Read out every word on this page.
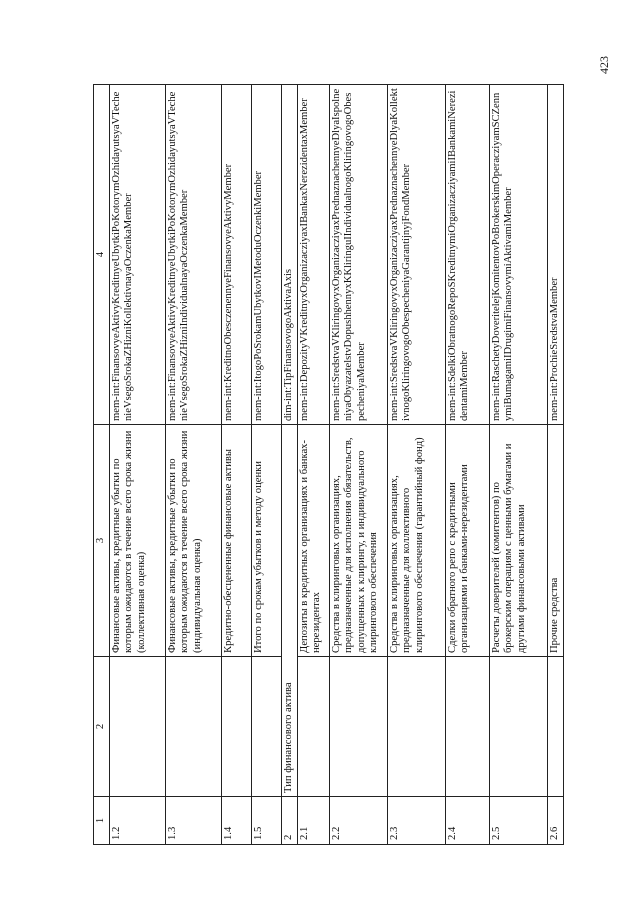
423
1	2	3	4
1.2		Финансовые активы, кредитные убытки по которым ожидаются в течение всего срока жизни (коллективная оценка)	mem-int:FinansovyeAktivyKreditnyeUbytkiPoKotorymOzhidayutsyaVTechenieVsegoSrokaZHizniKollektivnayaOczenkaMember
1.3		Финансовые активы, кредитные убытки по которым ожидаются в течение всего срока жизни (индивидуальная оценка)	mem-int:FinansovyeAktivyKreditnyeUbytkiPoKotorymOzhidayutsyaVTechenieVsegoSrokaZHizniIndividualnayaOczenkaMember
1.4		Кредитно-обесцененные финансовые активы	mem-int:KreditnoObesczenennyeFinansovyeAktivyMember
1.5		Итого по срокам убытков и методу оценки	mem-int:ItogoPoSrokamUbytkovIMetoduOczenkiMember
2	Тип финансового актива		dim-int:TipFinansovogoAktivaAxis
2.1		Депозиты в кредитных организациях и банках-нерезидентах	mem-int:DepozityVKreditnyxOrganizacziyaxIBankaxNerezidentaxMember
2.2		Средства в клиринговых организациях, предназначенные для исполнения обязательств, допущенных к клирингу, и индивидуального клирингового обеспечения	mem-int:SredstvaVKliringovyxOrganizacziyaxPrednaznachennyeDlyaIspolneniyaObyazatelstvDopushhennyxKKliringuIIndividualnogoKliringovogoObespecheniyaMember
2.3		Средства в клиринговых организациях, предназначенные для коллективного клирингового обеспечения (гарантийный фонд)	mem-int:SredstvaVKliringovyxOrganizacziyaxPrednaznachennyeDlyaKollektivnogoKliringovogoObespecheniyaGarantijnyjFondMember
2.4		Сделки обратного репо с кредитными организациями и банками-нерезидентами	mem-int:SdelkiObratnogoRepoSKreditnymiOrganizacziyamiIBankamiNerezidentamiMember
2.5		Расчеты доверителей (комитентов) по брокерским операциям с ценными бумагами и другими финансовыми активами	mem-int:RaschetyDoveritelejKomitentovPoBrokerskimOperacziyamSCZennymiBumagamiIDrugimiFinansovymiAktivamiMember
2.6		Прочие средства	mem-int:ProchieSredstvaMember
